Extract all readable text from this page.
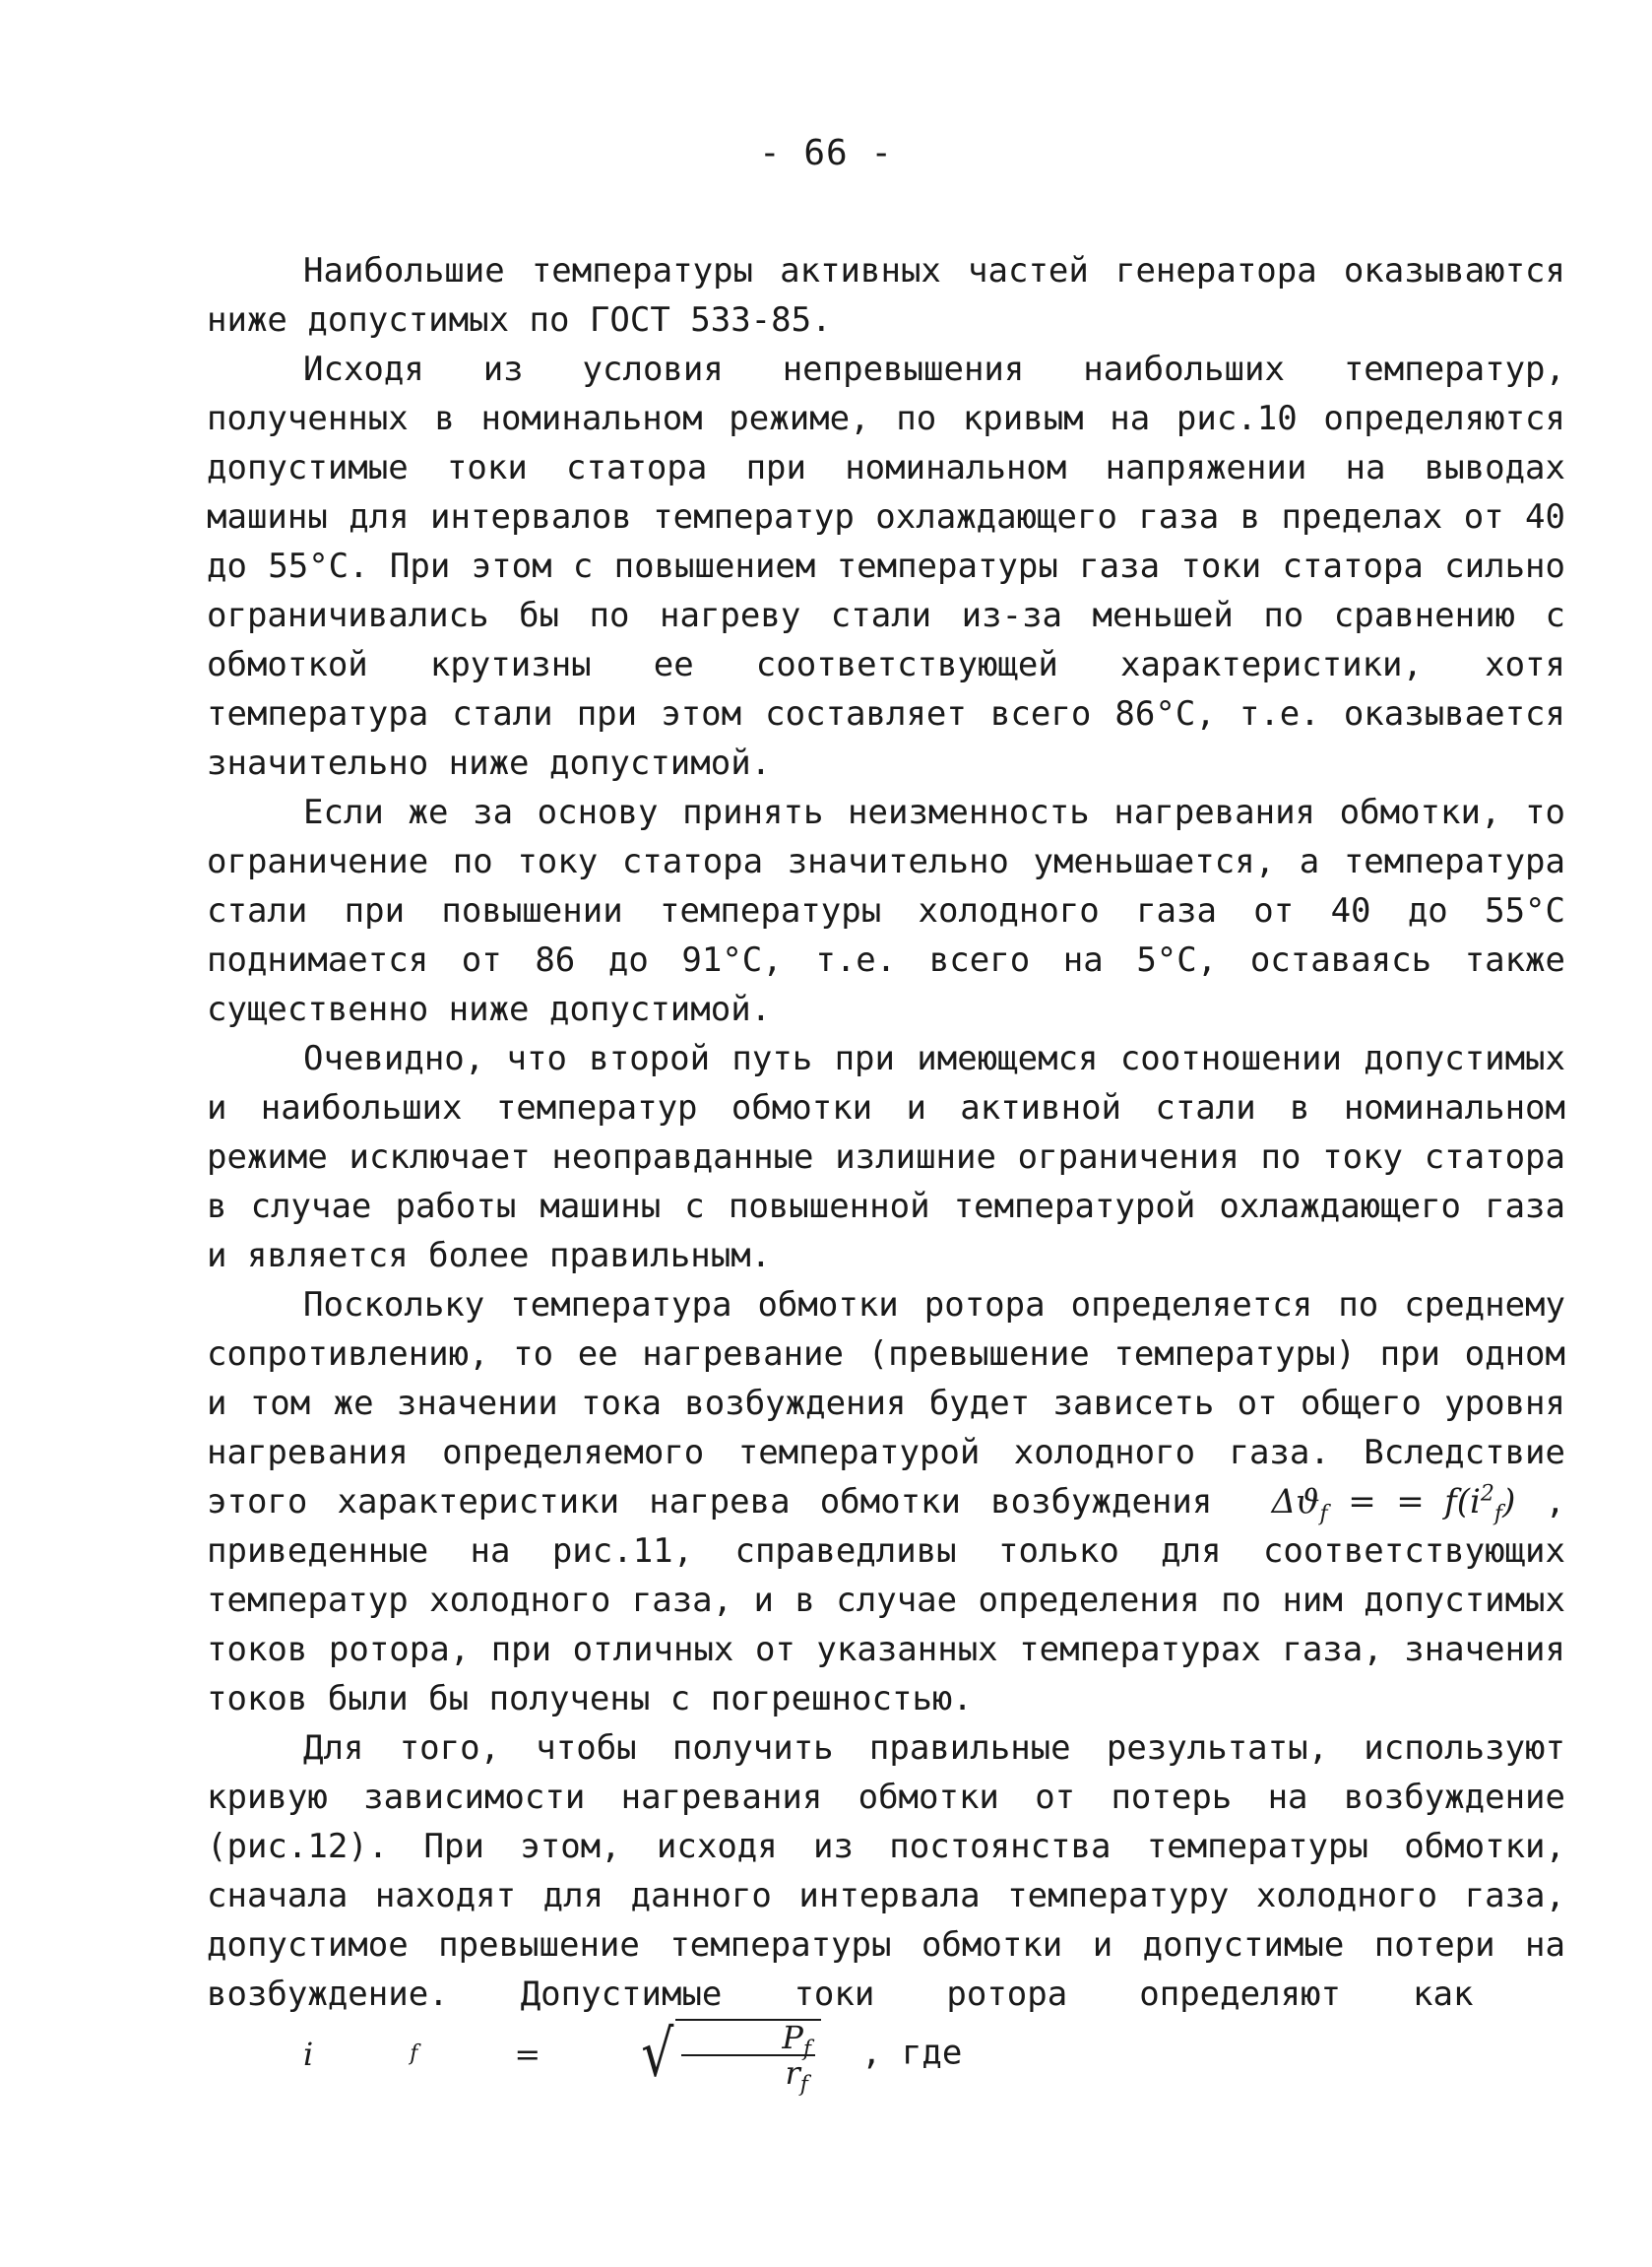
- 66 -

Наибольшие температуры активных частей генератора оказываются ниже допустимых по ГОСТ 533-85.

Исходя из условия непревышения наибольших температур, полученных в номинальном режиме, по кривым на рис.10 определяются допустимые токи статора при номинальном напряжении на выводах машины для интервалов температур охлаждающего газа в пределах от 40 до 55°С. При этом с повышением температуры газа токи статора сильно ограничивались бы по нагреву стали из-за меньшей по сравнению с обмоткой крутизны ее соответствующей характеристики, хотя температура стали при этом составляет всего 86°С, т.е. оказывается значительно ниже допустимой.

Если же за основу принять неизменность нагревания обмотки, то ограничение по току статора значительно уменьшается, а температура стали при повышении температуры холодного газа от 40 до 55°С поднимается от 86 до 91°С, т.е. всего на 5°С, оставаясь также существенно ниже допустимой.

Очевидно, что второй путь при имеющемся соотношении допустимых и наибольших температур обмотки и активной стали в номинальном режиме исключает неоправданные излишние ограничения по току статора в случае работы машины с повышенной температурой охлаждающего газа и является более правильным.

Поскольку температура обмотки ротора определяется по среднему сопротивлению, то ее нагревание (превышение температуры) при одном и том же значении тока возбуждения будет зависеть от общего уровня нагревания определяемого температурой холодного газа. Вследствие этого характеристики нагрева обмотки возбуждения $\Delta ϑ_f$ = = $f(i^2_f)$ , приведенные на рис.11, справедливы только для соответствующих температур холодного газа, и в случае определения по ним допустимых токов ротора, при отличных от указанных температурах газа, значения токов были бы получены с погрешностью.

Для того, чтобы получить правильные результаты, используют кривую зависимости нагревания обмотки от потерь на возбуждение (рис.12). При этом, исходя из постоянства температуры обмотки, сначала находят для данного интервала температуру холодного газа, допустимое превышение температуры обмотки и допустимые потери на возбуждение. Допустимые токи ротора определяют как
i	f	=	√ $\frac{P_f}{r_f}$ , где
